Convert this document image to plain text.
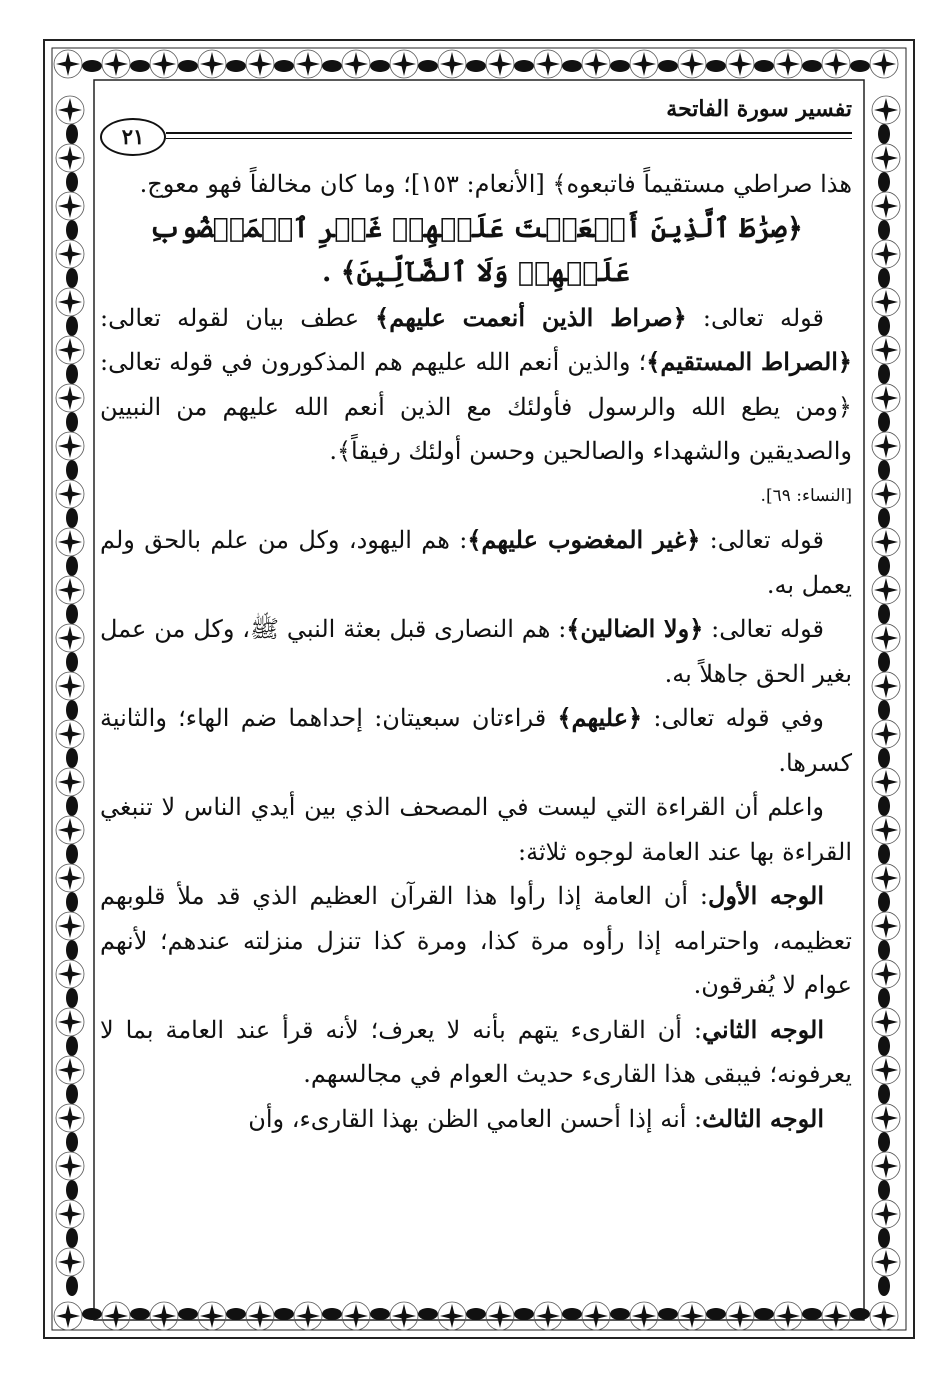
تفسير سورة الفاتحة
٢١

هذا صراطي مستقيماً فاتبعوه﴾ [الأنعام: ١٥٣]؛ وما كان مخالفاً فهو معوج.

﴿صِرَٰطَ ٱلَّذِينَ أَنۡعَمۡتَ عَلَيۡهِمۡ غَيۡرِ ٱلۡمَغۡضُوبِ عَلَيۡهِمۡ وَلَا ٱلضَّآلِّينَ﴾ .

قوله تعالى: ﴿صراط الذين أنعمت عليهم﴾ عطف بيان لقوله تعالى: ﴿الصراط المستقيم﴾؛ والذين أنعم الله عليهم هم المذكورون في قوله تعالى: ﴿ومن يطع الله والرسول فأولئك مع الذين أنعم الله عليهم من النبيين والصديقين والشهداء والصالحين وحسن أولئك رفيقاً﴾.

[النساء: ٦٩].

قوله تعالى: ﴿غير المغضوب عليهم﴾: هم اليهود، وكل من علم بالحق ولم يعمل به.

قوله تعالى: ﴿ولا الضالين﴾: هم النصارى قبل بعثة النبي ﷺ، وكل من عمل بغير الحق جاهلاً به.

وفي قوله تعالى: ﴿عليهم﴾ قراءتان سبعيتان: إحداهما ضم الهاء؛ والثانية كسرها.

واعلم أن القراءة التي ليست في المصحف الذي بين أيدي الناس لا تنبغي القراءة بها عند العامة لوجوه ثلاثة:

الوجه الأول: أن العامة إذا رأوا هذا القرآن العظيم الذي قد ملأ قلوبهم تعظيمه، واحترامه إذا رأوه مرة كذا، ومرة كذا تنزل منزلته عندهم؛ لأنهم عوام لا يُفرقون.

الوجه الثاني: أن القارىء يتهم بأنه لا يعرف؛ لأنه قرأ عند العامة بما لا يعرفونه؛ فيبقى هذا القارىء حديث العوام في مجالسهم.

الوجه الثالث: أنه إذا أحسن العامي الظن بهذا القارىء، وأن
